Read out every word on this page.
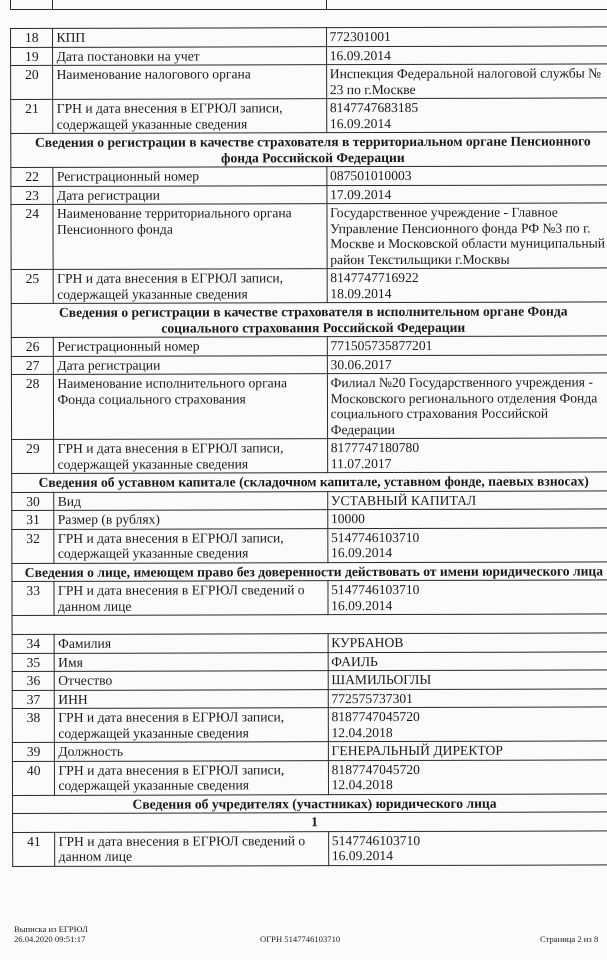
18	КПП	772301001
19	Дата постановки на учет	16.09.2014
20	Наименование налогового органа	Инспекция Федеральной налоговой службы № 23 по г.Москве
21	ГРН и дата внесения в ЕГРЮЛ записи, содержащей указанные сведения	8147747683185
16.09.2014
Сведения о регистрации в качестве страхователя в территориальном органе Пенсионного фонда Российской Федерации		
22	Регистрационный номер	087501010003
23	Дата регистрации	17.09.2014
24	Наименование территориального органа Пенсионного фонда	Государственное учреждение - Главное Управление Пенсионного фонда РФ №3 по г. Москве и Московской области муниципальный район Текстильщики г.Москвы
25	ГРН и дата внесения в ЕГРЮЛ записи, содержащей указанные сведения	8147747716922
18.09.2014
Сведения о регистрации в качестве страхователя в исполнительном органе Фонда социального страхования Российской Федерации		
26	Регистрационный номер	771505735877201
27	Дата регистрации	30.06.2017
28	Наименование исполнительного органа Фонда социального страхования	Филиал №20 Государственного учреждения - Московского регионального отделения Фонда социального страхования Российской Федерации
29	ГРН и дата внесения в ЕГРЮЛ записи, содержащей указанные сведения	8177747180780
11.07.2017
Сведения об уставном капитале (складочном капитале, уставном фонде, паевых взносах)		
30	Вид	УСТАВНЫЙ КАПИТАЛ
31	Размер (в рублях)	10000
32	ГРН и дата внесения в ЕГРЮЛ записи, содержащей указанные сведения	5147746103710
16.09.2014
Сведения о лице, имеющем право без доверенности действовать от имени юридического лица		
33	ГРН и дата внесения в ЕГРЮЛ сведений о данном лице	5147746103710
16.09.2014

34	Фамилия	КУРБАНОВ
35	Имя	ФАИЛЬ
36	Отчество	ШАМИЛЬОГЛЫ
37	ИНН	772575737301
38	ГРН и дата внесения в ЕГРЮЛ записи, содержащей указанные сведения	8187747045720
12.04.2018
39	Должность	ГЕНЕРАЛЬНЫЙ ДИРЕКТОР
40	ГРН и дата внесения в ЕГРЮЛ записи, содержащей указанные сведения	8187747045720
12.04.2018
Сведения об учредителях (участниках) юридического лица		
1		
41	ГРН и дата внесения в ЕГРЮЛ сведений о данном лице	5147746103710
16.09.2014
Выписка из ЕГРЮЛ
26.04.2020 09:51:17	ОГРН 5147746103710	Страница 2 из 8
